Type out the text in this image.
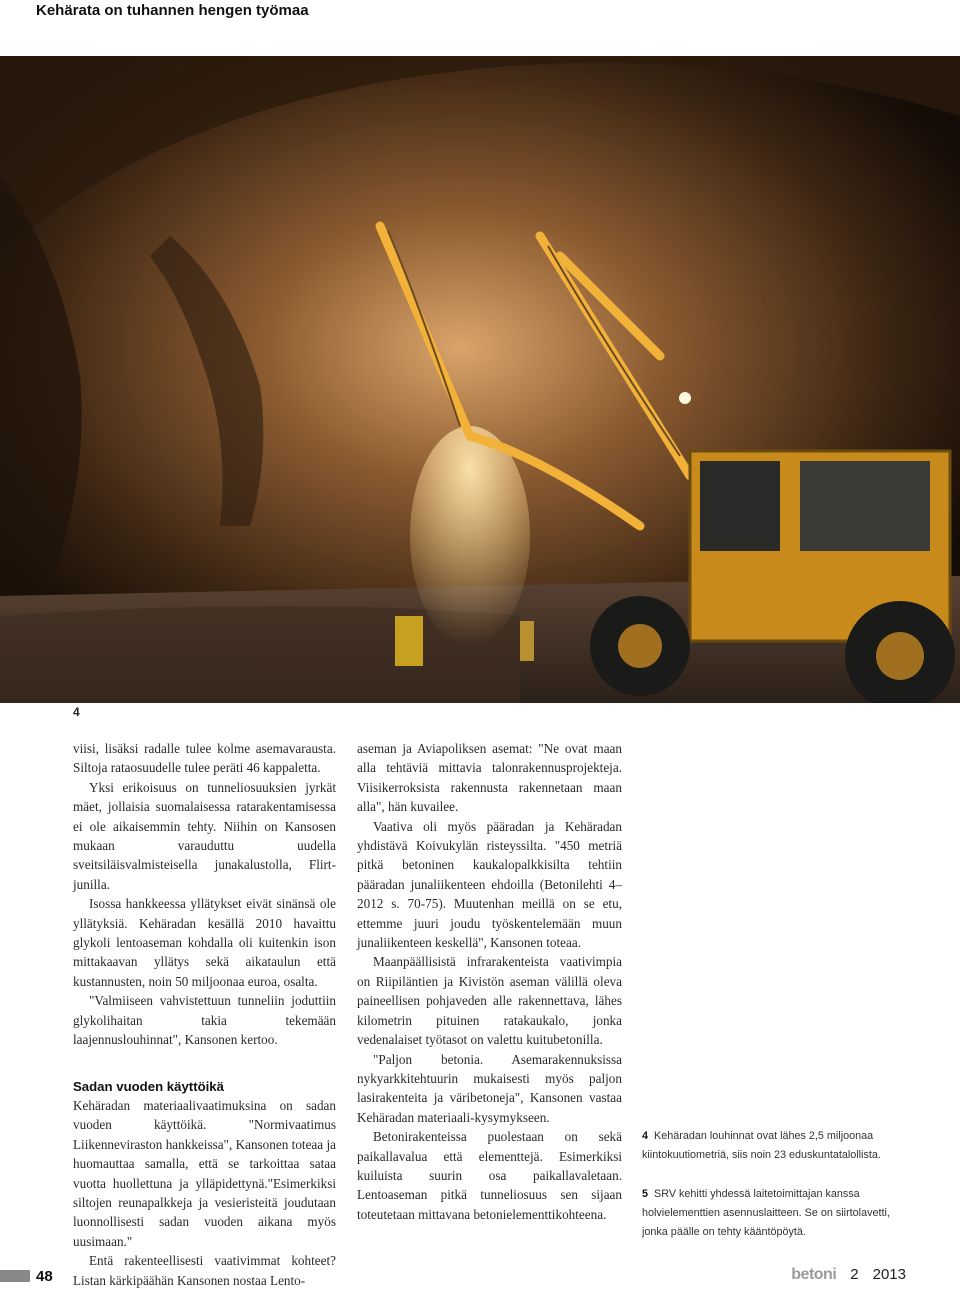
Kehärata on tuhannen hengen työmaa
4

viisi, lisäksi radalle tulee kolme asemavarausta. Siltoja rataosuudelle tulee peräti 46 kappaletta.

Yksi erikoisuus on tunneliosuuksien jyrkät mäet, jollaisia suomalaisessa ratarakentamisessa ei ole aikaisemmin tehty. Niihin on Kansosen mukaan varauduttu uudella sveitsiläisvalmisteisella junakalustolla, Flirt-junilla.

Isossa hankkeessa yllätykset eivät sinänsä ole yllätyksiä. Kehäradan kesällä 2010 havaittu glykoli lentoaseman kohdalla oli kuitenkin ison mittakaavan yllätys sekä aikataulun että kustannusten, noin 50 miljoonaa euroa, osalta.

"Valmiiseen vahvistettuun tunneliin joduttiin glykolihaitan takia tekemään laajennuslouhinnat", Kansonen kertoo.

Sadan vuoden käyttöikä

Kehäradan materiaalivaatimuksina on sadan vuoden käyttöikä. "Normivaatimus Liikenneviraston hankkeissa", Kansonen toteaa ja huomauttaa samalla, että se tarkoittaa sataa vuotta huollettuna ja ylläpidettynä."Esimerkiksi siltojen reunapalkkeja ja vesieristeitä joudutaan luonnollisesti sadan vuoden aikana myös uusimaan."

Entä rakenteellisesti vaativimmat kohteet? Listan kärkipäähän Kansonen nostaa Lento-

aseman ja Aviapoliksen asemat: "Ne ovat maan alla tehtäviä mittavia talonrakennusprojekteja. Viisikerroksista rakennusta rakennetaan maan alla", hän kuvailee.

Vaativa oli myös pääradan ja Kehäradan yhdistävä Koivukylän risteyssilta. "450 metriä pitkä betoninen kaukalopalkkisilta tehtiin pääradan junaliikenteen ehdoilla (Betonilehti 4–2012 s. 70-75). Muutenhan meillä on se etu, ettemme juuri joudu työskentelemään muun junaliikenteen keskellä", Kansonen toteaa.

Maanpäällisistä infrarakenteista vaativimpia on Riipiläntien ja Kivistön aseman välillä oleva paineellisen pohjaveden alle rakennettava, lähes kilometrin pituinen ratakaukalo, jonka vedenalaiset työtasot on valettu kuitubetonilla.

"Paljon betonia. Asemarakennuksissa nykyarkkitehtuurin mukaisesti myös paljon lasirakenteita ja väribetoneja", Kansonen vastaa Kehäradan materiaali-kysymykseen.

Betonirakenteissa puolestaan on sekä paikallavalua että elementtejä. Esimerkiksi kuiluista suurin osa paikallavaletaan. Lentoaseman pitkä tunneliosuus sen sijaan toteutetaan mittavana betonielementtikohteena.

4 Kehäradan louhinnat ovat lähes 2,5 miljoonaa kiintokuutiometriä, siis noin 23 eduskuntatalollista.
5 SRV kehitti yhdessä laitetoimittajan kanssa holvielementtien asennuslaitteen. Se on siirtolavetti, jonka päälle on tehty kääntöpöytä.
48	betoni 2 2013
